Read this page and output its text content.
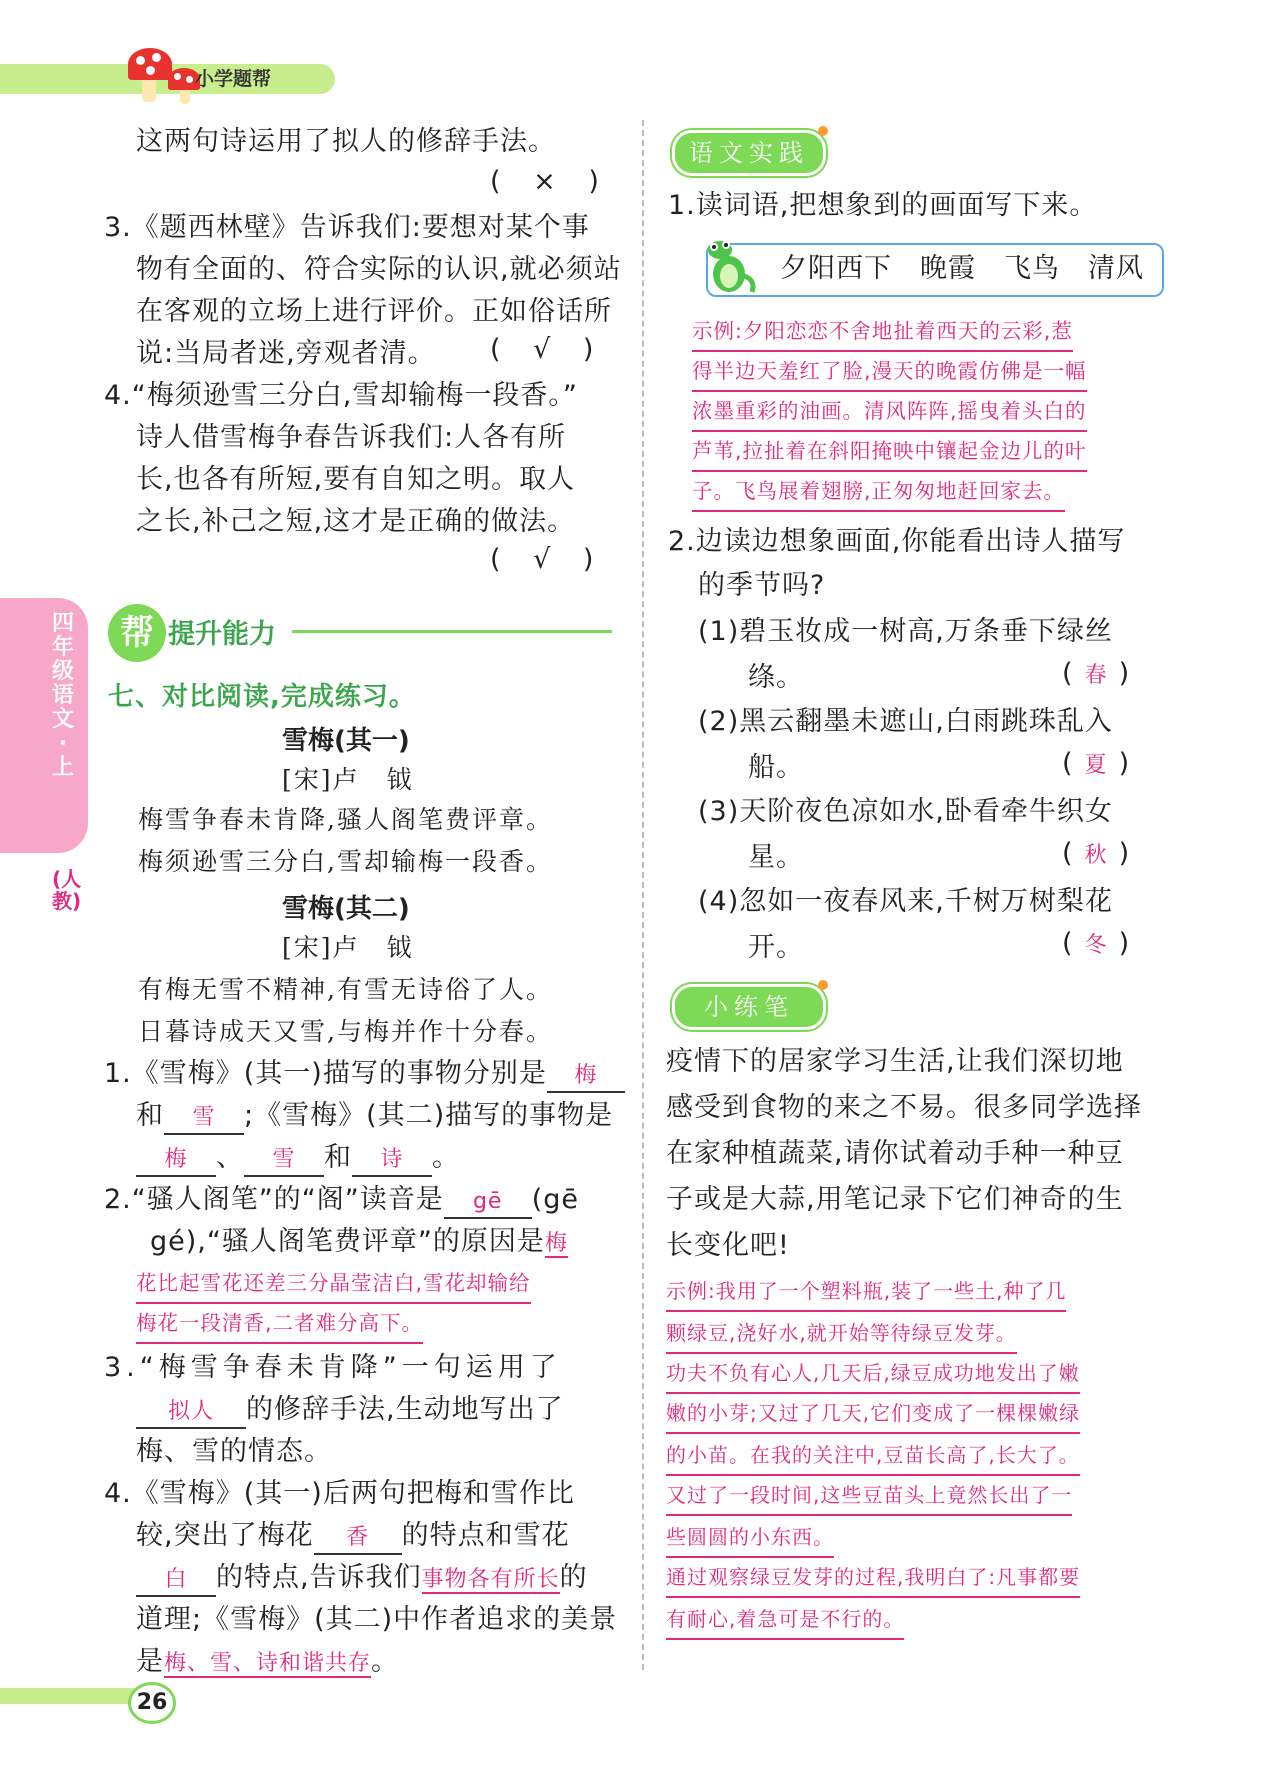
小学题帮
四年级语文·上
(人教)
这两句诗运用了拟人的修辞手法。
( × )
3.《题西林壁》告诉我们:要想对某个事
物有全面的、符合实际的认识,就必须站
在客观的立场上进行评价。正如俗话所
说:当局者迷,旁观者清。 ( √ )
4.“梅须逊雪三分白,雪却输梅一段香。”
诗人借雪梅争春告诉我们:人各有所
长,也各有所短,要有自知之明。取人
之长,补己之短,这才是正确的做法。
( √ )
帮 提升能力
七、对比阅读,完成练习。
雪梅(其一)
[宋]卢　钺
梅雪争春未肯降,骚人阁笔费评章。
梅须逊雪三分白,雪却输梅一段香。
雪梅(其二)
[宋]卢　钺
有梅无雪不精神,有雪无诗俗了人。
日暮诗成天又雪,与梅并作十分春。
1.《雪梅》(其一)描写的事物分别是 梅
和 雪 ;《雪梅》(其二)描写的事物是
梅 、 雪 和 诗 。
2.“骚人阁笔”的“阁”读音是 gē (gē
gé),“骚人阁笔费评章”的原因是梅
花比起雪花还差三分晶莹洁白,雪花却输给
梅花一段清香,二者难分高下。
3.“梅雪争春未肯降”一句运用了
拟人 的修辞手法,生动地写出了
梅、雪的情态。
4.《雪梅》(其一)后两句把梅和雪作比
较,突出了梅花 香 的特点和雪花
白 的特点,告诉我们事物各有所长的
道理;《雪梅》(其二)中作者追求的美景
是梅、雪、诗和谐共存。
语文实践
1.读词语,把想象到的画面写下来。
夕阳西下　晚霞　飞鸟　清风
示例:夕阳恋恋不舍地扯着西天的云彩,惹
得半边天羞红了脸,漫天的晚霞仿佛是一幅
浓墨重彩的油画。清风阵阵,摇曳着头白的
芦苇,拉扯着在斜阳掩映中镶起金边儿的叶
子。飞鸟展着翅膀,正匆匆地赶回家去。
2.边读边想象画面,你能看出诗人描写
的季节吗?
(1)碧玉妆成一树高,万条垂下绿丝
绦。	(春)
(2)黑云翻墨未遮山,白雨跳珠乱入
船。	(夏)
(3)天阶夜色凉如水,卧看牵牛织女
星。	(秋)
(4)忽如一夜春风来,千树万树梨花
开。	(冬)
小练笔
疫情下的居家学习生活,让我们深切地
感受到食物的来之不易。很多同学选择
在家种植蔬菜,请你试着动手种一种豆
子或是大蒜,用笔记录下它们神奇的生
长变化吧!
示例:我用了一个塑料瓶,装了一些土,种了几
颗绿豆,浇好水,就开始等待绿豆发芽。
功夫不负有心人,几天后,绿豆成功地发出了嫩
嫩的小芽;又过了几天,它们变成了一棵棵嫩绿
的小苗。在我的关注中,豆苗长高了,长大了。
又过了一段时间,这些豆苗头上竟然长出了一
些圆圆的小东西。
通过观察绿豆发芽的过程,我明白了:凡事都要
有耐心,着急可是不行的。
26
